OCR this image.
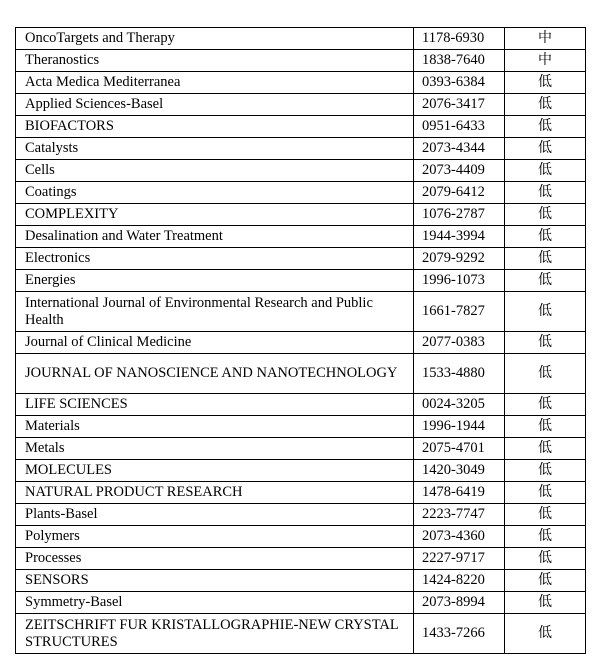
OncoTargets and Therapy	1178-6930	中
Theranostics	1838-7640	中
Acta Medica Mediterranea	0393-6384	低
Applied Sciences-Basel	2076-3417	低
BIOFACTORS	0951-6433	低
Catalysts	2073-4344	低
Cells	2073-4409	低
Coatings	2079-6412	低
COMPLEXITY	1076-2787	低
Desalination and Water Treatment	1944-3994	低
Electronics	2079-9292	低
Energies	1996-1073	低
International Journal of Environmental Research and Public Health	1661-7827	低
Journal of Clinical Medicine	2077-0383	低
JOURNAL OF NANOSCIENCE AND NANOTECHNOLOGY	1533-4880	低
LIFE SCIENCES	0024-3205	低
Materials	1996-1944	低
Metals	2075-4701	低
MOLECULES	1420-3049	低
NATURAL PRODUCT RESEARCH	1478-6419	低
Plants-Basel	2223-7747	低
Polymers	2073-4360	低
Processes	2227-9717	低
SENSORS	1424-8220	低
Symmetry-Basel	2073-8994	低
ZEITSCHRIFT FUR KRISTALLOGRAPHIE-NEW CRYSTAL STRUCTURES	1433-7266	低
